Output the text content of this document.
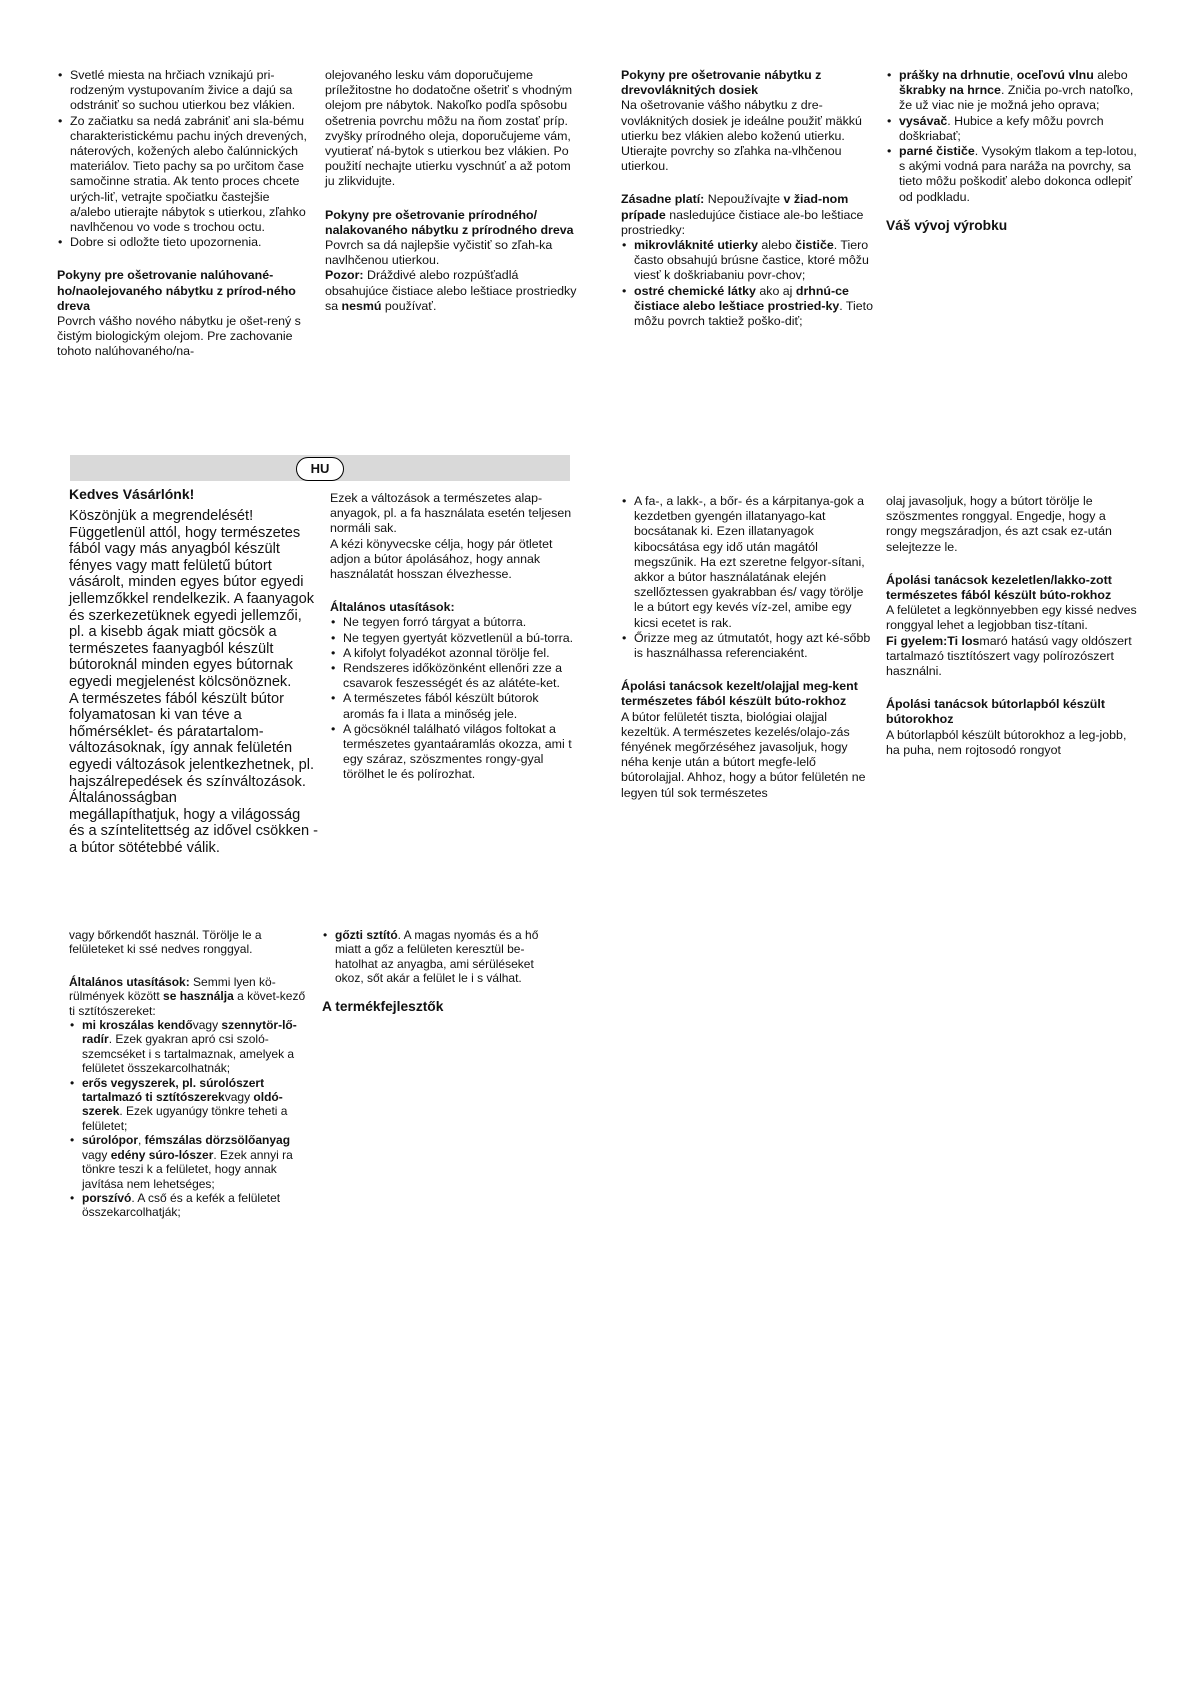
• Svetlé miesta na hrčiach vznikajú pri-rodzeným vystupovaním živice a dajú sa odstrániť so suchou utierkou bez vlákien.
• Zo začiatku sa nedá zabrániť ani sla-bému charakteristickému pachu iných drevených, náterových, kožených alebo čalúnnických materiálov. Tieto pachy sa po určitom čase samočinne stratia. Ak tento proces chcete urých-liť, vetrajte spočiatku častejšie a/alebo utierajte nábytok s utierkou, zľahko navlhčenou vo vode s trochou octu.
• Dobre si odložte tieto upozornenia.
Pokyny pre ošetrovanie nalúhované-ho/naolejovaného nábytku z prírod-ného dreva

Povrch vášho nového nábytku je ošet-rený s čistým biologickým olejom. Pre zachovanie tohoto nalúhovaného/na-

olejovaného lesku vám doporučujeme príležitostne ho dodatočne ošetriť s vhodným olejom pre nábytok. Nakoľko podľa spôsobu ošetrenia povrchu môžu na ňom zostať príp. zvyšky prírodného oleja, doporučujeme vám, vyutierať ná-bytok s utierkou bez vlákien. Po použití nechajte utierku vyschnúť a až potom ju zlikvidujte.

Pokyny pre ošetrovanie prírodného/ nalakovaného nábytku z prírodného dreva

Povrch sa dá najlepšie vyčistiť so zľah-ka navlhčenou utierkou.

Pozor: Dráždivé alebo rozpúšťadlá obsahujúce čistiace alebo leštiace prostriedky sa nesmú používať.

Pokyny pre ošetrovanie nábytku z drevovláknitých dosiek

Na ošetrovanie vášho nábytku z dre-vovláknitých dosiek je ideálne použiť mäkkú utierku bez vlákien alebo koženú utierku. Utierajte povrchy so zľahka na-vlhčenou utierkou.

Zásadne platí: Nepoužívajte v žiad-nom prípade nasledujúce čistiace ale-bo leštiace prostriedky:

• mikrovláknité utierky alebo čističe. Tiero často obsahujú brúsne častice, ktoré môžu viesť k doškriabaniu povr-chov;
• ostré chemické látky ako aj drhnú-ce čistiace alebo leštiace prostried-ky. Tieto môžu povrch taktiež poško-diť;
• prášky na drhnutie, oceľovú vlnu alebo škrabky na hrnce. Zničia po-vrch natoľko, že už viac nie je možná jeho oprava;
• vysávač. Hubice a kefy môžu povrch doškriabať;
• parné čističe. Vysokým tlakom a tep-lotou, s akými vodná para naráža na povrchy, sa tieto môžu poškodiť alebo dokonca odlepiť od podkladu.
Váš vývoj výrobku
HU
Kedves Vásárlónk!

Köszönjük a megrendelését!

Függetlenül attól, hogy természetes

fából vagy más anyagból készült

fényes vagy matt felületű bútort

vásárolt, minden egyes bútor egyedi

jellemzőkkel rendelkezik. A faanyagok

és szerkezetüknek egyedi jellemzői,

pl. a kisebb ágak miatt göcsök a

természetes faanyagból készült

bútoroknál minden egyes bútornak

egyedi megjelenést kölcsönöznek.

A természetes fából készült bútor

folyamatosan ki van téve a

hőmérséklet- és páratartalom-

változásoknak, így annak felületén

egyedi változások jelentkezhetnek, pl.

hajszálrepedések és színváltozások.

Általánosságban

megállapíthatjuk, hogy a világosság

és a színtelitettség az idővel csökken -

a bútor sötétebbé válik.

Ezek a változások a természetes alap-anyagok, pl. a fa használata esetén teljesen normáli sak.

A kézi könyvecske célja, hogy pár ötletet adjon a bútor ápolásához, hogy annak használatát hosszan élvezhesse.

Általános utasítások:
• Ne tegyen forró tárgyat a bútorra.
• Ne tegyen gyertyát közvetlenül a bú-torra.
• A kifolyt folyadékot azonnal törölje fel.
• Rendszeres időközönként ellenőri zze a csavarok feszességét és az alátéte-ket.
• A természetes fából készült bútorok aromás fa i llata a minőség jele.
• A göcsöknél található világos foltokat a természetes gyantaáramlás okozza, ami t egy száraz, szöszmentes rongy-gyal törölhet le és polírozhat.
• A fa-, a lakk-, a bőr- és a kárpitanya-gok a kezdetben gyengén illatanyago-kat bocsátanak ki. Ezen illatanyagok kibocsátása egy idő után magától megszűnik. Ha ezt szeretne felgyor-sítani, akkor a bútor használatának elején szellőztessen gyakrabban és/ vagy törölje le a bútort egy kevés víz-zel, amibe egy kicsi ecetet is rak.
• Őrizze meg az útmutatót, hogy azt ké-sőbb is használhassa referenciaként.
Ápolási tanácsok kezelt/olajjal meg-kent természetes fából készült búto-rokhoz

A bútor felületét tiszta, biológiai olajjal kezeltük. A természetes kezelés/olajo-zás fényének megőrzéséhez javasoljuk, hogy néha kenje után a bútort megfe-lelő bútorolajjal. Ahhoz, hogy a bútor felületén ne legyen túl sok természetes

olaj javasoljuk, hogy a bútort törölje le szöszmentes ronggyal. Engedje, hogy a rongy megszáradjon, és azt csak ez-után selejtezze le.

Ápolási tanácsok kezeletlen/lakko-zott természetes fából készült búto-rokhoz

A felületet a legkönnyebben egy kissé nedves ronggyal lehet a legjobban tisz-títani.

Fi gyelem:Ti losmaró hatású vagy oldószert tartalmazó tisztítószert vagy polírozószert használni.

Ápolási tanácsok bútorlapból készült bútorokhoz

A bútorlapból készült bútorokhoz a leg-jobb, ha puha, nem rojtosodó rongyot

vagy bőrkendőt használ. Törölje le a felületeket ki ssé nedves ronggyal.

Általános utasítások: Semmi lyen kö-rülmények között se használja a követ-kező ti sztítószereket:

• mi kroszálas kendővagy szennytör-lő-radír. Ezek gyakran apró csi szoló-szemcséket i s tartalmaznak, amelyek a felületet összekarcolhatnák;
• erős vegyszerek, pl. súrolószert tartalmazó ti sztítószerekvagy oldó-szerek. Ezek ugyanúgy tönkre teheti a felületet;
• súrolópor, fémszálas dörzsölőanyag vagy edény súro-lószer. Ezek annyi ra tönkre teszi k a felületet, hogy annak javítása nem lehetséges;
• porszívó. A cső és a kefék a felületet összekarcolhatják;
• gőzti sztító. A magas nyomás és a hő miatt a gőz a felületen keresztül be-hatolhat az anyagba, ami sérüléseket okoz, sőt akár a felület le i s válhat.
A termékfejlesztők
